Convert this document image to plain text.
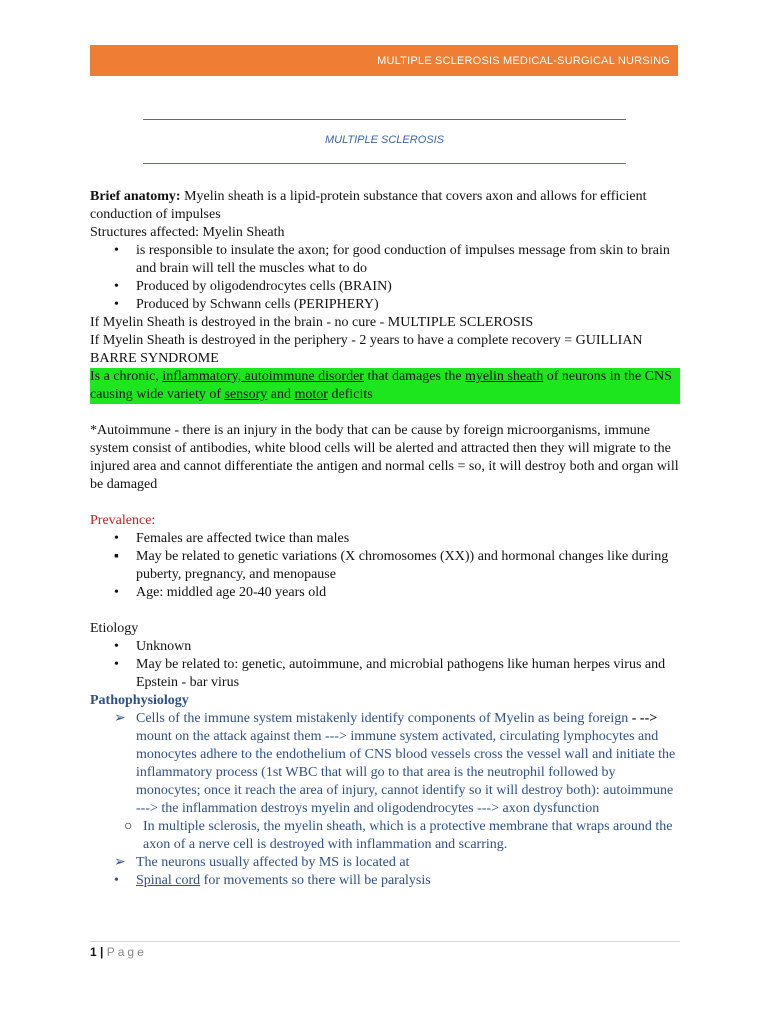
MULTIPLE SCLEROSIS MEDICAL-SURGICAL NURSING
MULTIPLE SCLEROSIS

Brief anatomy: Myelin sheath is a lipid-protein substance that covers axon and allows for efficient conduction of impulses

Structures affected: Myelin Sheath

• is responsible to insulate the axon; for good conduction of impulses message from skin to brain and brain will tell the muscles what to do
• Produced by oligodendrocytes cells (BRAIN)
• Produced by Schwann cells (PERIPHERY)

If Myelin Sheath is destroyed in the brain - no cure - MULTIPLE SCLEROSIS

If Myelin Sheath is destroyed in the periphery - 2 years to have a complete recovery = GUILLIAN BARRE SYNDROME

Is a chronic, inflammatory, autoimmune disorder that damages the myelin sheath of neurons in the CNS causing wide variety of sensory and motor deficits

*Autoimmune - there is an injury in the body that can be cause by foreign microorganisms, immune system consist of antibodies, white blood cells will be alerted and attracted then they will migrate to the injured area and cannot differentiate the antigen and normal cells = so, it will destroy both and organ will be damaged

Prevalence:

• Females are affected twice than males
▪ May be related to genetic variations (X chromosomes (XX)) and hormonal changes like during puberty, pregnancy, and menopause
• Age: middled age 20-40 years old

Etiology

• Unknown
• May be related to: genetic, autoimmune, and microbial pathogens like human herpes virus and Epstein - bar virus

Pathophysiology

➢ Cells of the immune system mistakenly identify components of Myelin as being foreign - --> mount on the attack against them ---> immune system activated, circulating lymphocytes and monocytes adhere to the endothelium of CNS blood vessels cross the vessel wall and initiate the inflammatory process (1st WBC that will go to that area is the neutrophil followed by monocytes; once it reach the area of injury, cannot identify so it will destroy both): autoimmune ---> the inflammation destroys myelin and oligodendrocytes ---> axon dysfunction
○ In multiple sclerosis, the myelin sheath, which is a protective membrane that wraps around the axon of a nerve cell is destroyed with inflammation and scarring.
➢ The neurons usually affected by MS is located at
• Spinal cord for movements so there will be paralysis
1 | Page
